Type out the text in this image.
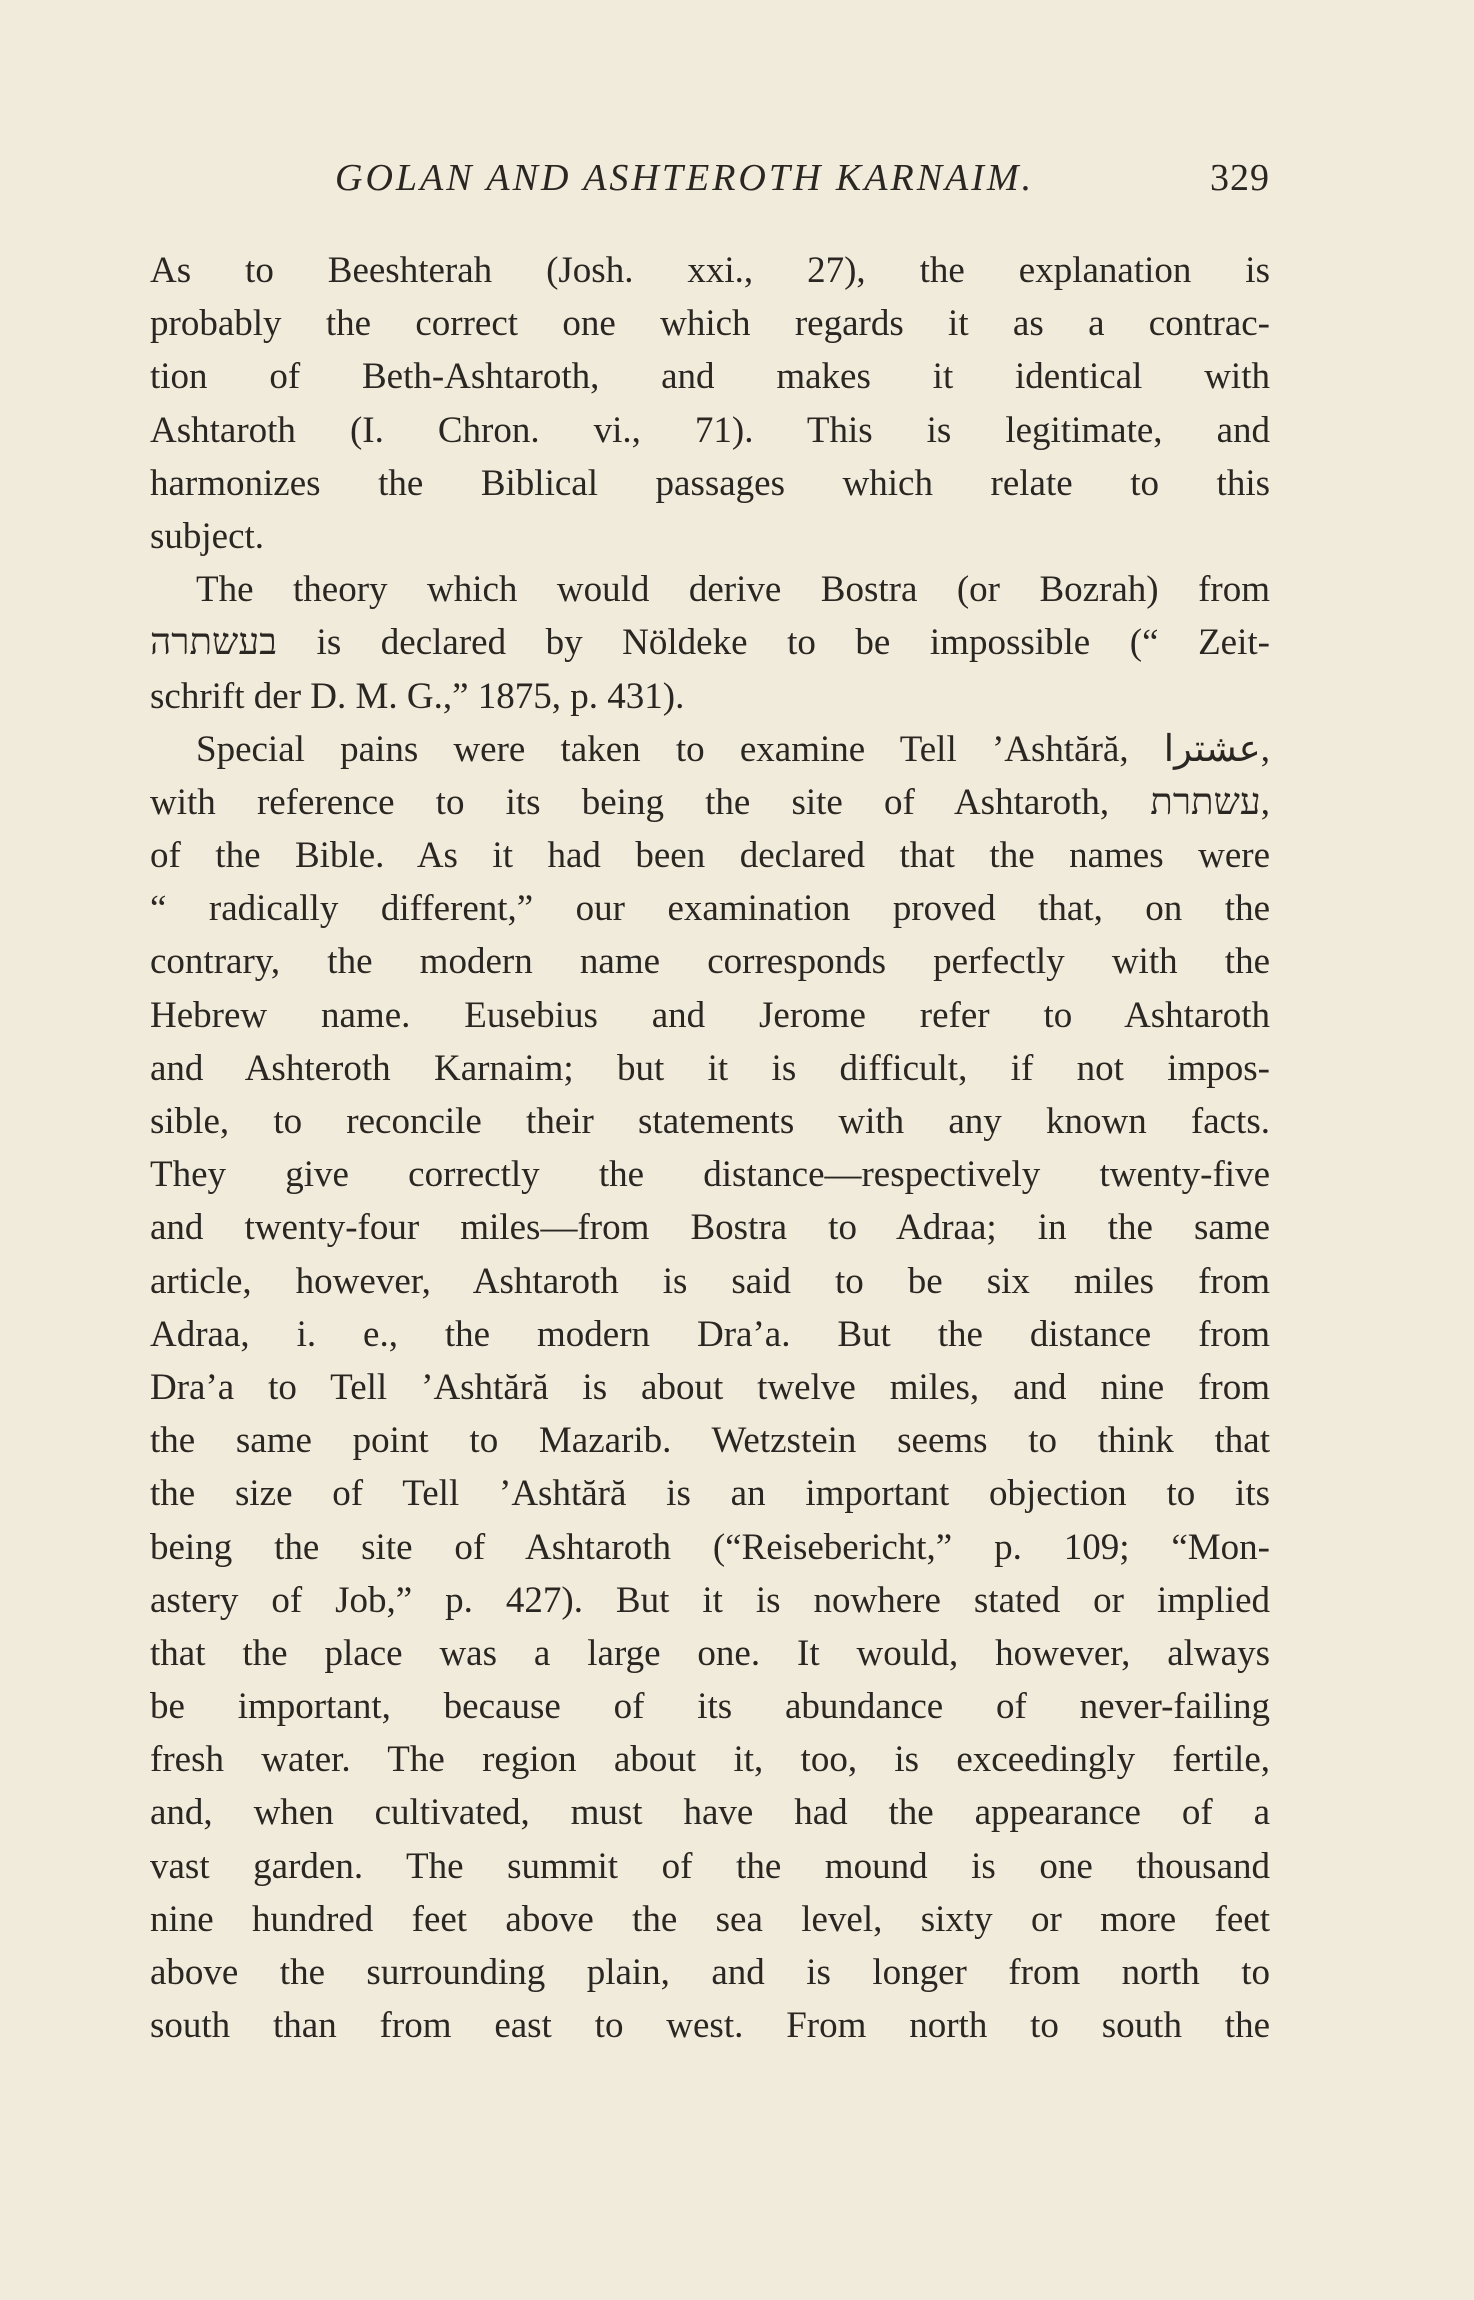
GOLAN AND ASHTEROTH KARNAIM.	329
As to Beeshterah (Josh. xxi., 27), the explanation is
probably the correct one which regards it as a contrac-
tion of Beth-Ashtaroth, and makes it identical with
Ashtaroth (I. Chron. vi., 71). This is legitimate, and
harmonizes the Biblical passages which relate to this
subject.
The theory which would derive Bostra (or Bozrah) from
בעשתרה is declared by Nöldeke to be impossible (“ Zeit-
schrift der D. M. G.,” 1875, p. 431).
Special pains were taken to examine Tell ’Ashtără, عشترا,
with reference to its being the site of Ashtaroth, עשתרת,
of the Bible. As it had been declared that the names were
“ radically different,” our examination proved that, on the
contrary, the modern name corresponds perfectly with the
Hebrew name. Eusebius and Jerome refer to Ashtaroth
and Ashteroth Karnaim; but it is difficult, if not impos-
sible, to reconcile their statements with any known facts.
They give correctly the distance—respectively twenty-five
and twenty-four miles—from Bostra to Adraa; in the same
article, however, Ashtaroth is said to be six miles from
Adraa, i. e., the modern Dra’a. But the distance from
Dra’a to Tell ’Ashtără is about twelve miles, and nine from
the same point to Mazarib. Wetzstein seems to think that
the size of Tell ’Ashtără is an important objection to its
being the site of Ashtaroth (“Reisebericht,” p. 109; “Mon-
astery of Job,” p. 427). But it is nowhere stated or implied
that the place was a large one. It would, however, always
be important, because of its abundance of never-failing
fresh water. The region about it, too, is exceedingly fertile,
and, when cultivated, must have had the appearance of a
vast garden. The summit of the mound is one thousand
nine hundred feet above the sea level, sixty or more feet
above the surrounding plain, and is longer from north to
south than from east to west. From north to south the
